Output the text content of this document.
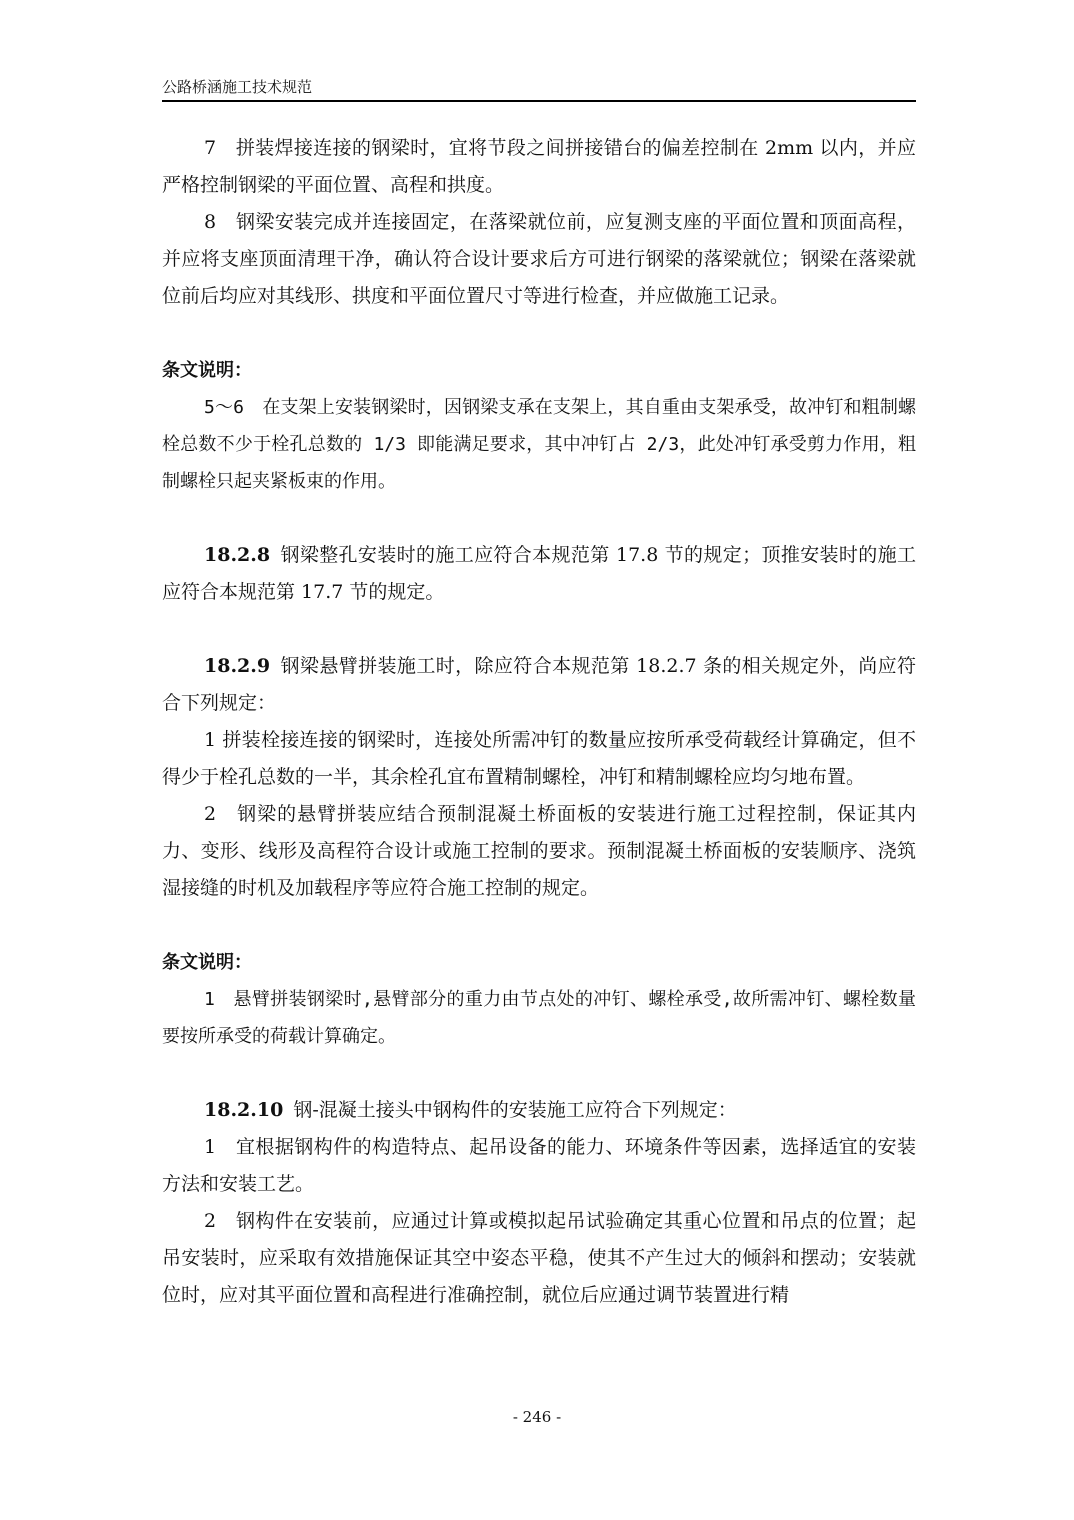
公路桥涵施工技术规范

7　拼装焊接连接的钢梁时，宜将节段之间拼接错台的偏差控制在 2mm 以内，并应严格控制钢梁的平面位置、高程和拱度。

8　钢梁安装完成并连接固定，在落梁就位前，应复测支座的平面位置和顶面高程，并应将支座顶面清理干净，确认符合设计要求后方可进行钢梁的落梁就位；钢梁在落梁就位前后均应对其线形、拱度和平面位置尺寸等进行检查，并应做施工记录。

条文说明：

5～6　在支架上安装钢梁时，因钢梁支承在支架上，其自重由支架承受，故冲钉和粗制螺栓总数不少于栓孔总数的 1/3 即能满足要求，其中冲钉占 2/3，此处冲钉承受剪力作用，粗制螺栓只起夹紧板束的作用。

18.2.8 钢梁整孔安装时的施工应符合本规范第 17.8 节的规定；顶推安装时的施工应符合本规范第 17.7 节的规定。

18.2.9 钢梁悬臂拼装施工时，除应符合本规范第 18.2.7 条的相关规定外，尚应符合下列规定：

1 拼装栓接连接的钢梁时，连接处所需冲钉的数量应按所承受荷载经计算确定，但不得少于栓孔总数的一半，其余栓孔宜布置精制螺栓，冲钉和精制螺栓应均匀地布置。

2　钢梁的悬臂拼装应结合预制混凝土桥面板的安装进行施工过程控制，保证其内力、变形、线形及高程符合设计或施工控制的要求。预制混凝土桥面板的安装顺序、浇筑湿接缝的时机及加载程序等应符合施工控制的规定。

条文说明：

1　悬臂拼装钢梁时,悬臂部分的重力由节点处的冲钉、螺栓承受,故所需冲钉、螺栓数量要按所承受的荷载计算确定。

18.2.10 钢-混凝土接头中钢构件的安装施工应符合下列规定：

1　宜根据钢构件的构造特点、起吊设备的能力、环境条件等因素，选择适宜的安装方法和安装工艺。

2　钢构件在安装前，应通过计算或模拟起吊试验确定其重心位置和吊点的位置；起吊安装时，应采取有效措施保证其空中姿态平稳，使其不产生过大的倾斜和摆动；安装就位时，应对其平面位置和高程进行准确控制，就位后应通过调节装置进行精

- 246 -
